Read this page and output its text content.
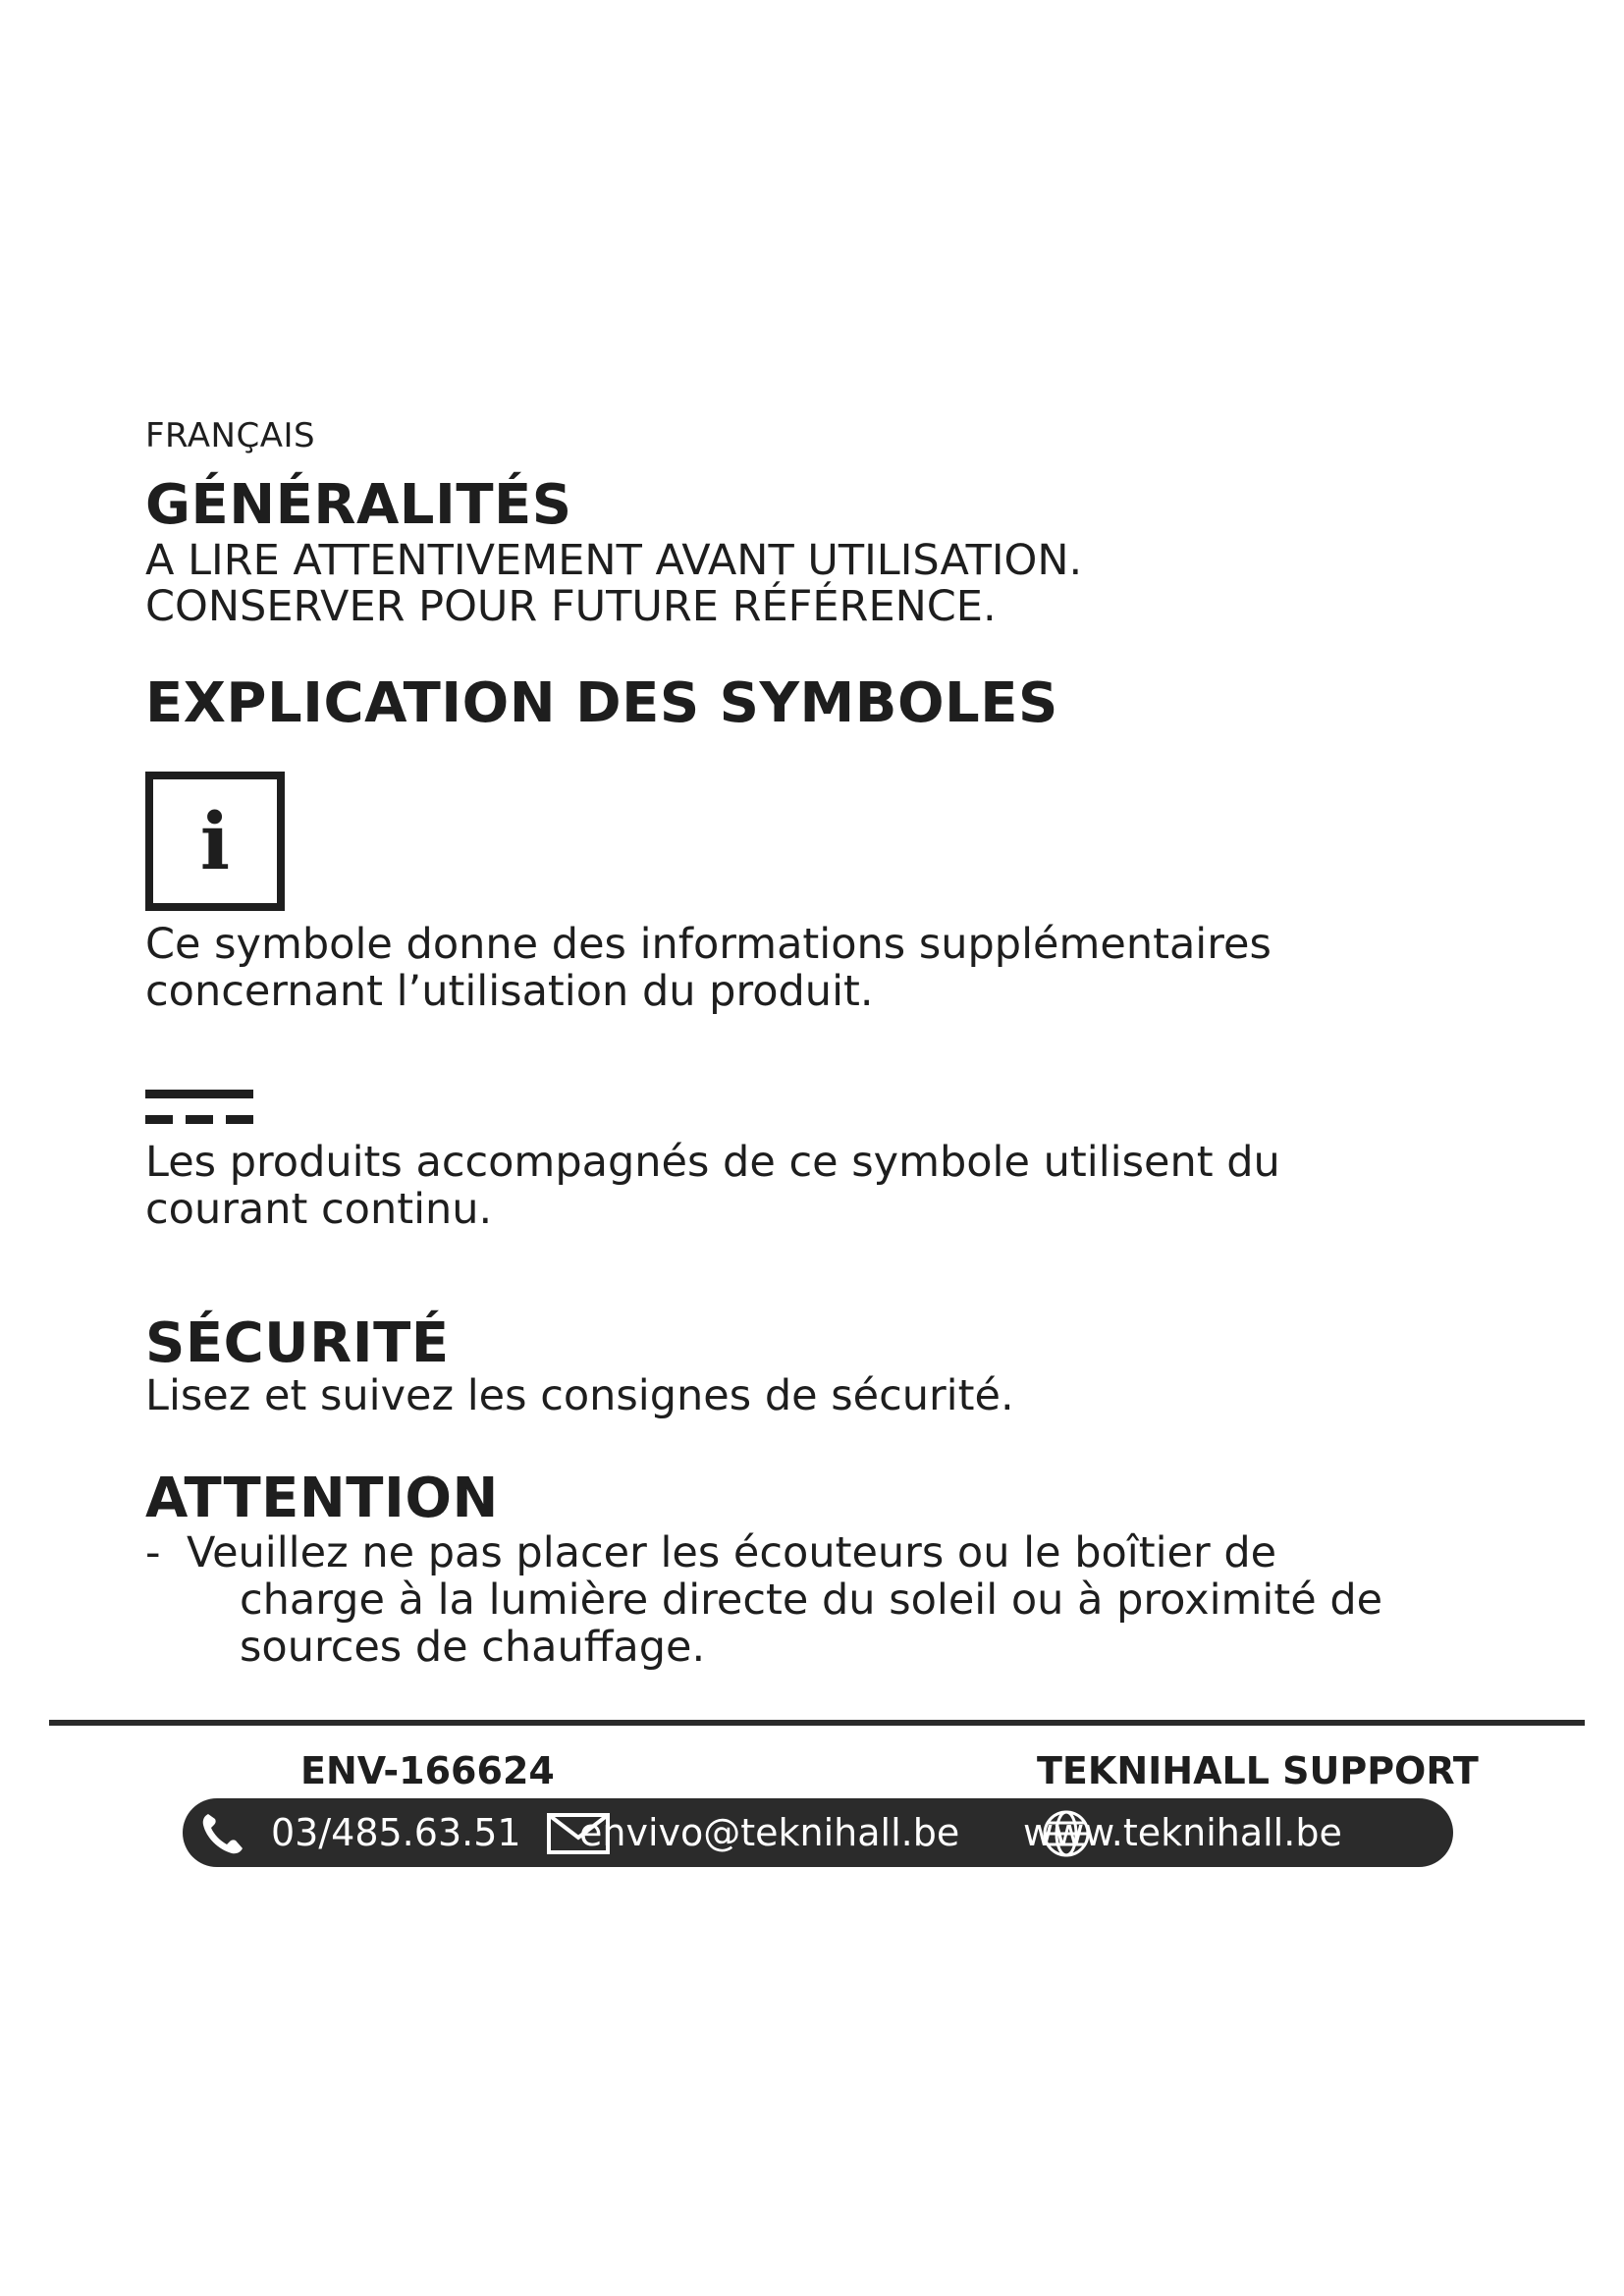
FRANÇAIS
GÉNÉRALITÉS
A LIRE ATTENTIVEMENT AVANT UTILISATION.
CONSERVER POUR FUTURE RÉFÉRENCE.
EXPLICATION DES SYMBOLES
i
Ce symbole donne des informations supplémentaires
concernant l’utilisation du produit.
Les produits accompagnés de ce symbole utilisent du
courant continu.
SÉCURITÉ
Lisez et suivez les consignes de sécurité.
ATTENTION
- Veuillez ne pas placer les écouteurs ou le boîtier de
charge à la lumière directe du soleil ou à proximité de
sources de chauffage.
ENV-166624	TEKNIHALL SUPPORT
03/485.63.51 envivo@teknihall.be www.teknihall.be
